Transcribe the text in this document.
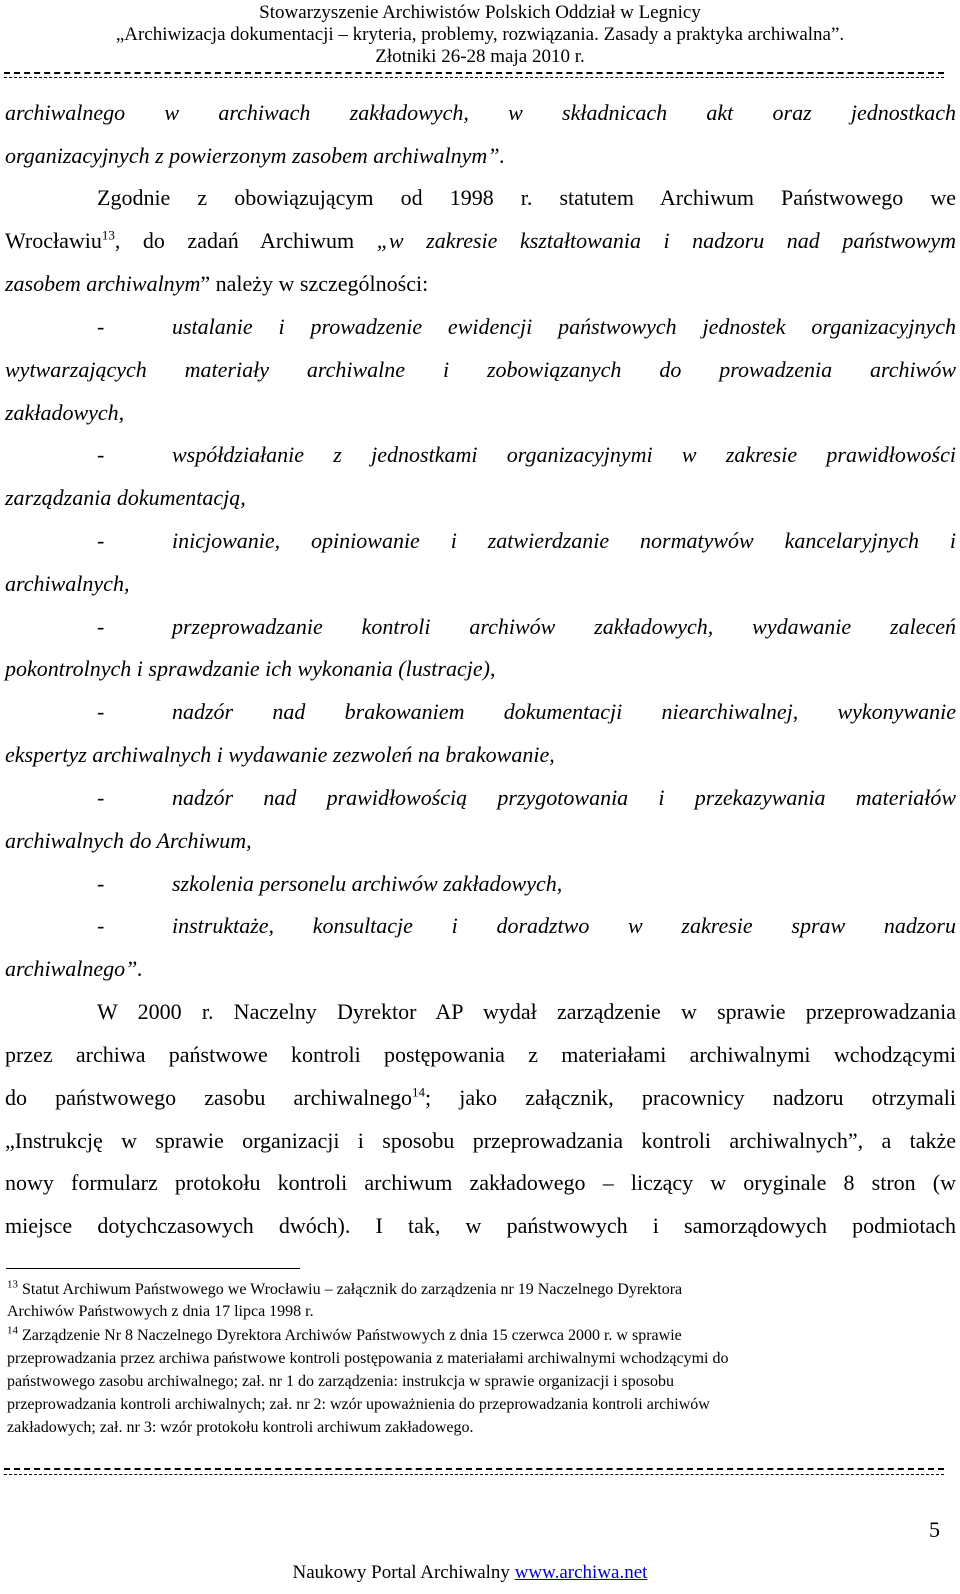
Stowarzyszenie Archiwistów Polskich Oddział w Legnicy
„Archiwizacja dokumentacji – kryteria, problemy, rozwiązania. Zasady a praktyka archiwalna”.
Złotniki 26-28 maja 2010 r.
archiwalnego w archiwach zakładowych, w składnicach akt oraz jednostkach
organizacyjnych z powierzonym zasobem archiwalnym”.
Zgodnie z obowiązującym od 1998 r. statutem Archiwum Państwowego we
Wrocławiu$^{13}$, do zadań Archiwum „w zakresie kształtowania i nadzoru nad państwowym
zasobem archiwalnym” należy w szczególności:
-	ustalanie i prowadzenie ewidencji państwowych jednostek organizacyjnych
wytwarzających materiały archiwalne i zobowiązanych do prowadzenia archiwów
zakładowych,
-	współdziałanie z jednostkami organizacyjnymi w zakresie prawidłowości
zarządzania dokumentacją,
-	inicjowanie, opiniowanie i zatwierdzanie normatywów kancelaryjnych i
archiwalnych,
-	przeprowadzanie kontroli archiwów zakładowych, wydawanie zaleceń
pokontrolnych i sprawdzanie ich wykonania (lustracje),
-	nadzór nad brakowaniem dokumentacji niearchiwalnej, wykonywanie
ekspertyz archiwalnych i wydawanie zezwoleń na brakowanie,
-	nadzór nad prawidłowością przygotowania i przekazywania materiałów
archiwalnych do Archiwum,
-	szkolenia personelu archiwów zakładowych,
-	instruktaże, konsultacje i doradztwo w zakresie spraw nadzoru
archiwalnego”.
W 2000 r. Naczelny Dyrektor AP wydał zarządzenie w sprawie przeprowadzania
przez archiwa państwowe kontroli postępowania z materiałami archiwalnymi wchodzącymi
do państwowego zasobu archiwalnego$^{14}$; jako załącznik, pracownicy nadzoru otrzymali
„Instrukcję w sprawie organizacji i sposobu przeprowadzania kontroli archiwalnych”, a także
nowy formularz protokołu kontroli archiwum zakładowego – liczący w oryginale 8 stron (w
miejsce dotychczasowych dwóch). I tak, w państwowych i samorządowych podmiotach
$^{13}$ Statut Archiwum Państwowego we Wrocławiu – załącznik do zarządzenia nr 19 Naczelnego Dyrektora
Archiwów Państwowych z dnia 17 lipca 1998 r.
$^{14}$ Zarządzenie Nr 8 Naczelnego Dyrektora Archiwów Państwowych z dnia 15 czerwca 2000 r. w sprawie
przeprowadzania przez archiwa państwowe kontroli postępowania z materiałami archiwalnymi wchodzącymi do
państwowego zasobu archiwalnego; zał. nr 1 do zarządzenia: instrukcja w sprawie organizacji i sposobu
przeprowadzania kontroli archiwalnych; zał. nr 2: wzór upoważnienia do przeprowadzania kontroli archiwów
zakładowych; zał. nr 3: wzór protokołu kontroli archiwum zakładowego.
5
Naukowy Portal Archiwalny www.archiwa.net
